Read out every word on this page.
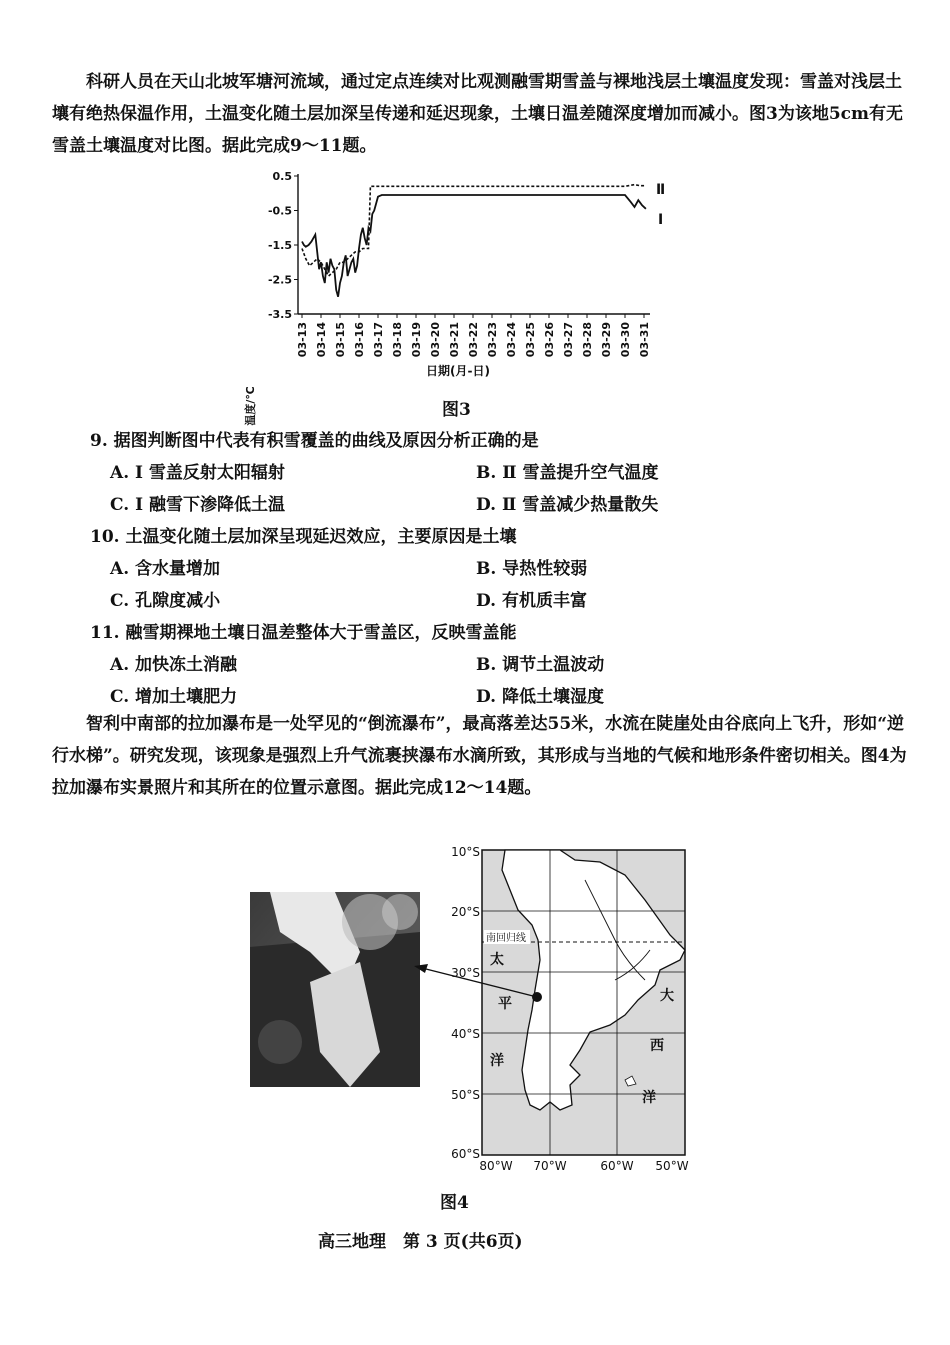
科研人员在天山北坡军塘河流域，通过定点连续对比观测融雪期雪盖与裸地浅层土壤温度发现：雪盖对浅层土壤有绝热保温作用，土温变化随土层加深呈传递和延迟现象，土壤日温差随深度增加而减小。图3为该地5cm有无雪盖土壤温度对比图。据此完成9～11题。
0.5
-0.5
-1.5
-2.5
-3.5
03-13 03-14 03-15 03-16 03-17 03-18 03-19 03-20 03-21 03-22 03-23 03-24 03-25 03-26 03-27 03-28 03-29 03-30 03-31
温度/℃
日期(月-日)
Ⅱ
Ⅰ
图3
9. 据图判断图中代表有积雪覆盖的曲线及原因分析正确的是
A. Ⅰ 雪盖反射太阳辐射	B. Ⅱ 雪盖提升空气温度
C. Ⅰ 融雪下渗降低土温	D. Ⅱ 雪盖减少热量散失
10. 土温变化随土层加深呈现延迟效应，主要原因是土壤
A. 含水量增加	B. 导热性较弱
C. 孔隙度减小	D. 有机质丰富
11. 融雪期裸地土壤日温差整体大于雪盖区，反映雪盖能
A. 加快冻土消融	B. 调节土温波动
C. 增加土壤肥力	D. 降低土壤湿度
智利中南部的拉加瀑布是一处罕见的“倒流瀑布”，最高落差达55米，水流在陡崖处由谷底向上飞升，形如“逆行水梯”。研究发现，该现象是强烈上升气流裹挟瀑布水滴所致，其形成与当地的气候和地形条件密切相关。图4为拉加瀑布实景照片和其所在的位置示意图。据此完成12～14题。
10°S
20°S
30°S
40°S
50°S
60°S
80°W 70°W	60°W 50°W
南回归线
太
平
洋
大
西
洋
图4
高三地理　第 3 页(共6页)
